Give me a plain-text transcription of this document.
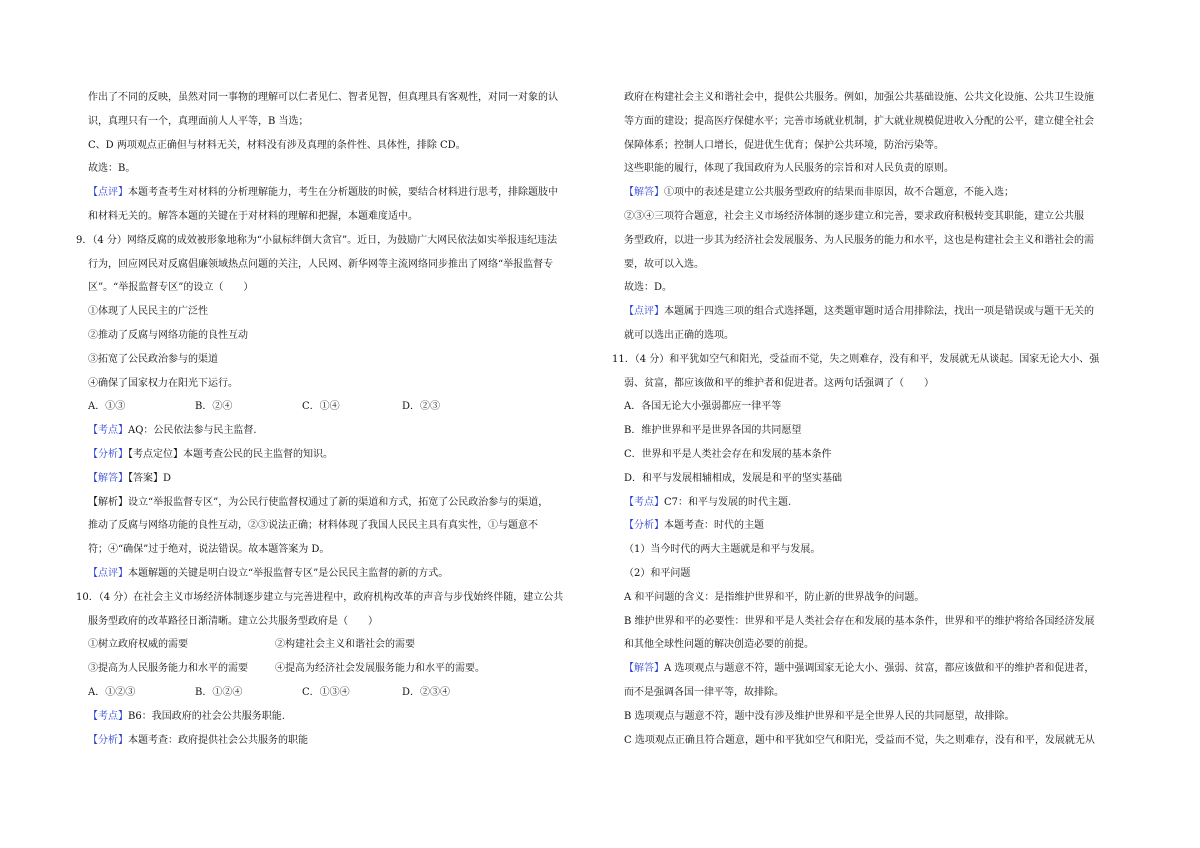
作出了不同的反映，虽然对同一事物的理解可以仁者见仁、智者见智，但真理具有客观性，对同一对象的认
识，真理只有一个，真理面前人人平等，B 当选；
C、D 两项观点正确但与材料无关，材料没有涉及真理的条件性、具体性，排除 CD。
故选：B。
【点评】本题考查考生对材料的分析理解能力，考生在分析题肢的时候，要结合材料进行思考，排除题肢中
和材料无关的。解答本题的关键在于对材料的理解和把握，本题难度适中。
9．（4 分）网络反腐的成效被形象地称为“小鼠标绊倒大贪官”。近日，为鼓励广大网民依法如实举报违纪违法
行为，回应网民对反腐倡廉领域热点问题的关注，人民网、新华网等主流网络同步推出了网络“举报监督专
区”。“举报监督专区”的设立（　　）
①体现了人民民主的广泛性
②推动了反腐与网络功能的良性互动
③拓宽了公民政治参与的渠道
④确保了国家权力在阳光下运行。
A．①③	B．②④	C．①④	D．②③
【考点】AQ：公民依法参与民主监督.
【分析】【考点定位】本题考查公民的民主监督的知识。
【解答】【答案】D
【解析】设立“举报监督专区”，为公民行使监督权通过了新的渠道和方式，拓宽了公民政治参与的渠道，
推动了反腐与网络功能的良性互动，②③说法正确；材料体现了我国人民民主具有真实性，①与题意不
符；④“确保”过于绝对，说法错误。故本题答案为 D。
【点评】本题解题的关键是明白设立“举报监督专区”是公民民主监督的新的方式。
10．（4 分）在社会主义市场经济体制逐步建立与完善进程中，政府机构改革的声音与步伐始终伴随，建立公共
服务型政府的改革路径日渐清晰。建立公共服务型政府是（　　）
①树立政府权威的需要	②构建社会主义和谐社会的需要
③提高为人民服务能力和水平的需要	④提高为经济社会发展服务能力和水平的需要。
A．①②③	B．①②④	C．①③④	D．②③④
【考点】B6：我国政府的社会公共服务职能.
【分析】本题考查：政府提供社会公共服务的职能
政府在构建社会主义和谐社会中，提供公共服务。例如，加强公共基础设施、公共文化设施、公共卫生设施
等方面的建设；提高医疗保健水平；完善市场就业机制，扩大就业规模促进收入分配的公平，建立健全社会
保障体系；控制人口增长，促进优生优育；保护公共环境，防治污染等。
这些职能的履行，体现了我国政府为人民服务的宗旨和对人民负责的原则。
【解答】①项中的表述是建立公共服务型政府的结果而非原因，故不合题意，不能入选；
②③④三项符合题意，社会主义市场经济体制的逐步建立和完善，要求政府积极转变其职能，建立公共服
务型政府，以进一步其为经济社会发展服务、为人民服务的能力和水平，这也是构建社会主义和谐社会的需
要，故可以入选。
故选：D。
【点评】本题属于四选三项的组合式选择题，这类题审题时适合用排除法，找出一项是错误或与题干无关的
就可以选出正确的选项。
11．（4 分）和平犹如空气和阳光，受益而不觉，失之则难存，没有和平，发展就无从谈起。国家无论大小、强
弱、贫富，都应该做和平的维护者和促进者。这两句话强调了（　　）
A．各国无论大小强弱都应一律平等
B．维护世界和平是世界各国的共同愿望
C．世界和平是人类社会存在和发展的基本条件
D．和平与发展相辅相成，发展是和平的坚实基础
【考点】C7：和平与发展的时代主题.
【分析】本题考查：时代的主题
（1）当今时代的两大主题就是和平与发展。
（2）和平问题
A 和平问题的含义：是指维护世界和平，防止新的世界战争的问题。
B 维护世界和平的必要性：世界和平是人类社会存在和发展的基本条件，世界和平的维护将给各国经济发展
和其他全球性问题的解决创造必要的前提。
【解答】A 选项观点与题意不符，题中强调国家无论大小、强弱、贫富，都应该做和平的维护者和促进者，
而不是强调各国一律平等，故排除。
B 选项观点与题意不符，题中没有涉及维护世界和平是全世界人民的共同愿望，故排除。
C 选项观点正确且符合题意，题中和平犹如空气和阳光，受益而不觉，失之则难存，没有和平，发展就无从
